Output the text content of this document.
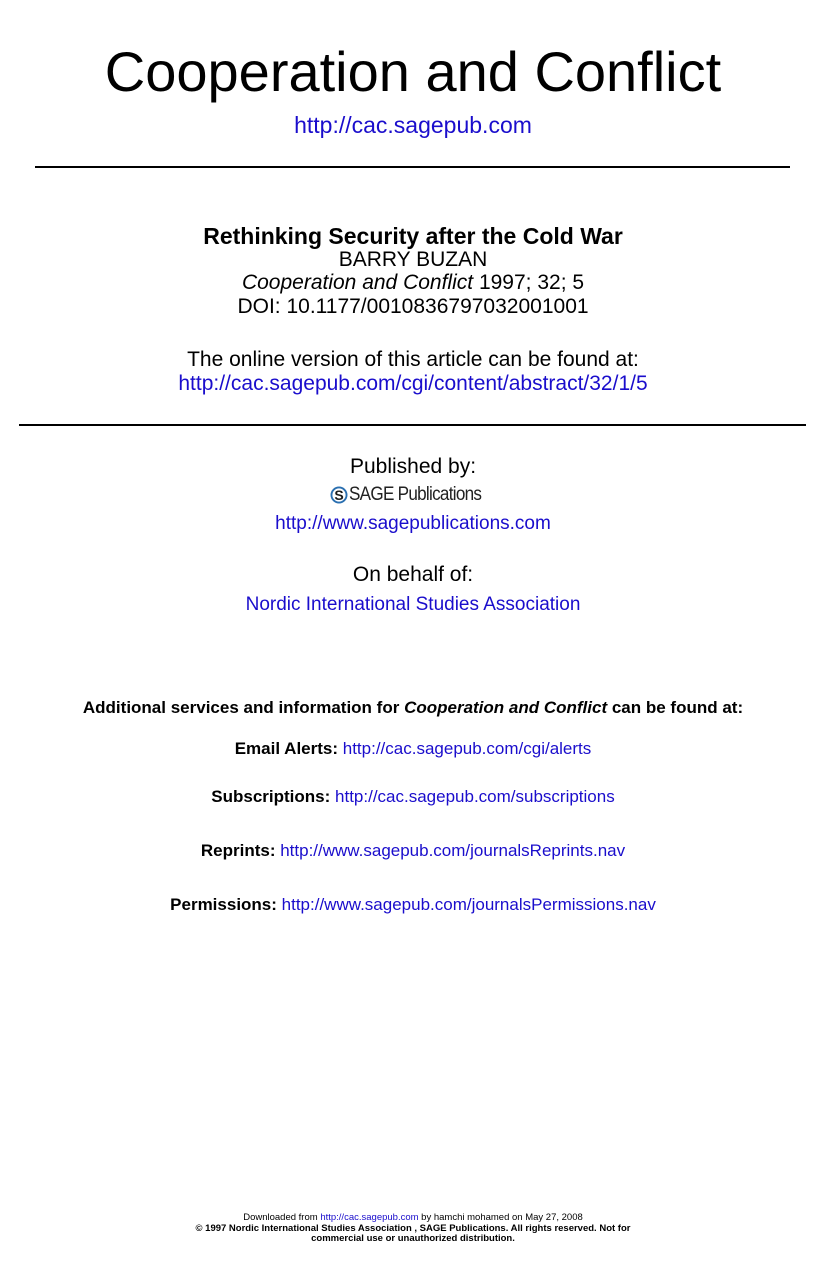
Cooperation and Conflict
http://cac.sagepub.com
Rethinking Security after the Cold War
BARRY BUZAN
Cooperation and Conflict 1997; 32; 5
DOI: 10.1177/0010836797032001001
The online version of this article can be found at:
http://cac.sagepub.com/cgi/content/abstract/32/1/5
Published by:
S SAGE Publications
http://www.sagepublications.com
On behalf of:
Nordic International Studies Association
Additional services and information for Cooperation and Conflict can be found at:
Email Alerts: http://cac.sagepub.com/cgi/alerts
Subscriptions: http://cac.sagepub.com/subscriptions
Reprints: http://www.sagepub.com/journalsReprints.nav
Permissions: http://www.sagepub.com/journalsPermissions.nav
Downloaded from http://cac.sagepub.com by hamchi mohamed on May 27, 2008
© 1997 Nordic International Studies Association , SAGE Publications. All rights reserved. Not for
commercial use or unauthorized distribution.
